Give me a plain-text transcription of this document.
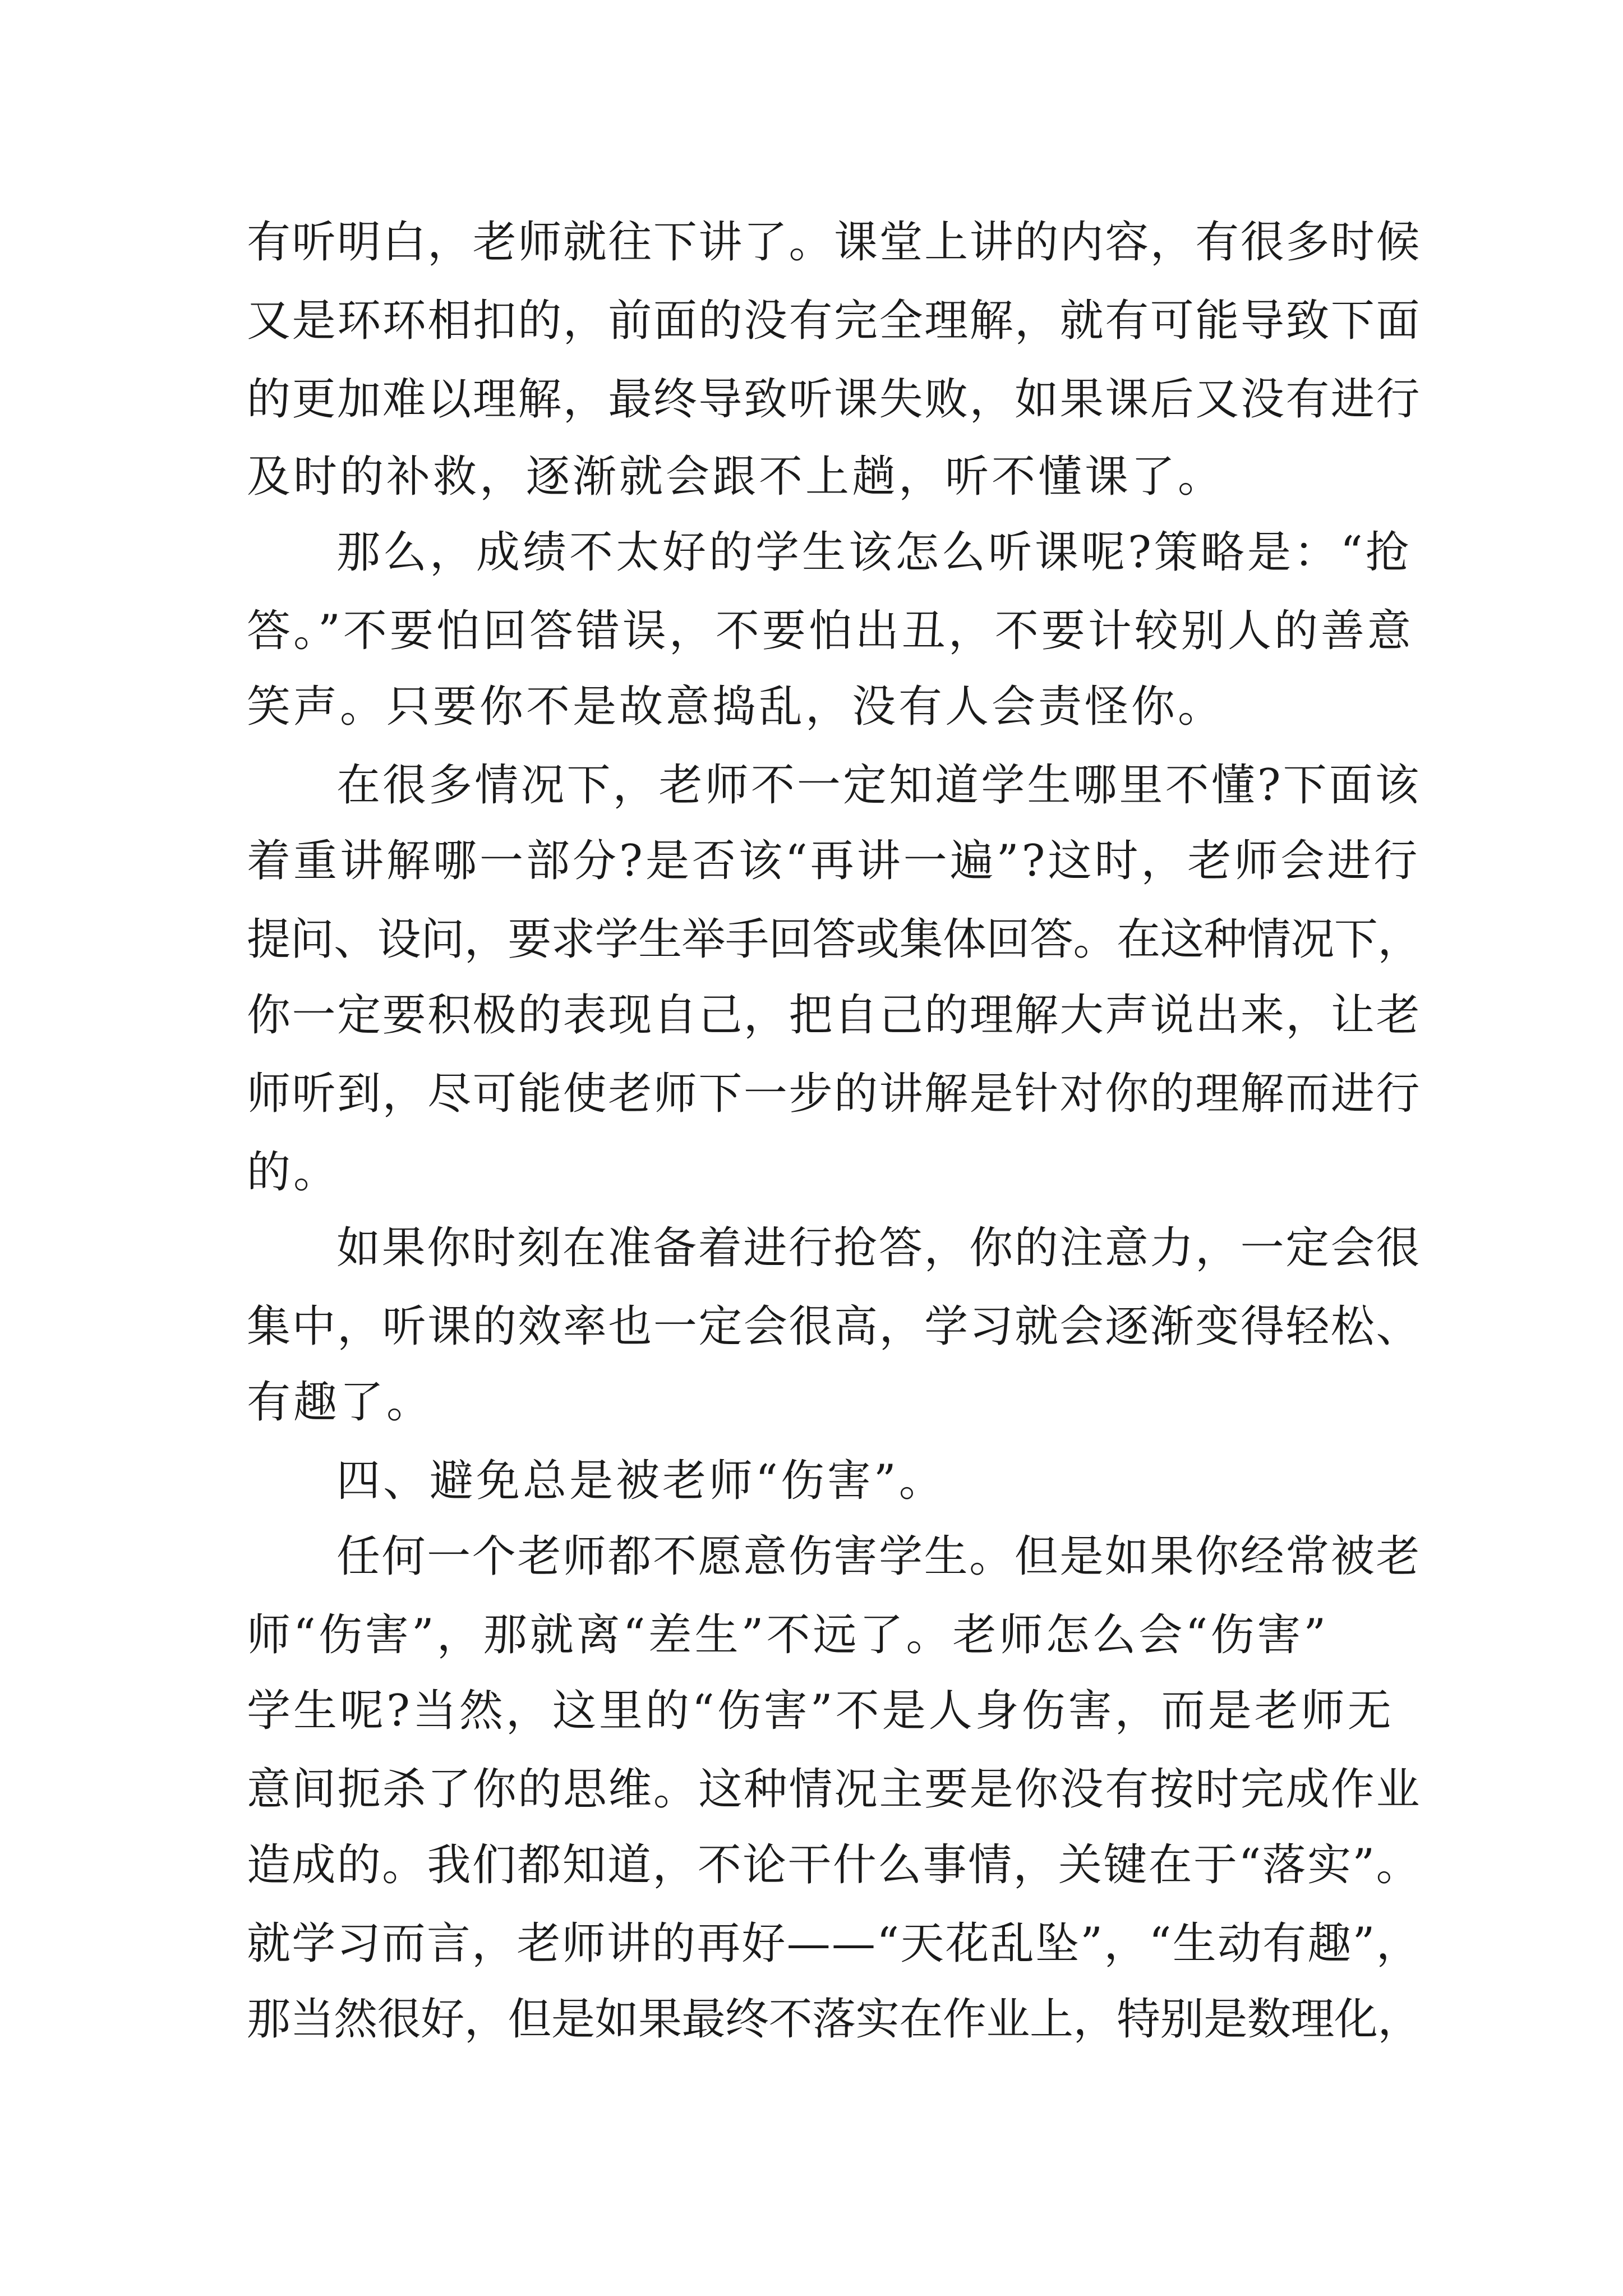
有听明白，老师就往下讲了。课堂上讲的内容，有很多时候
又是环环相扣的，前面的没有完全理解，就有可能导致下面
的更加难以理解，最终导致听课失败，如果课后又没有进行
及时的补救，逐渐就会跟不上趟，听不懂课了。
那么，成绩不太好的学生该怎么听课呢?策略是：“抢
答。”不要怕回答错误，不要怕出丑，不要计较别人的善意
笑声。只要你不是故意捣乱，没有人会责怪你。
在很多情况下，老师不一定知道学生哪里不懂?下面该
着重讲解哪一部分?是否该“再讲一遍”?这时，老师会进行
提问、设问，要求学生举手回答或集体回答。在这种情况下，
你一定要积极的表现自己，把自己的理解大声说出来，让老
师听到，尽可能使老师下一步的讲解是针对你的理解而进行
的。
如果你时刻在准备着进行抢答，你的注意力，一定会很
集中，听课的效率也一定会很高，学习就会逐渐变得轻松、
有趣了。
四、避免总是被老师“伤害”。
任何一个老师都不愿意伤害学生。但是如果你经常被老
师“伤害”，那就离“差生”不远了。老师怎么会“伤害”
学生呢?当然，这里的“伤害”不是人身伤害，而是老师无
意间扼杀了你的思维。这种情况主要是你没有按时完成作业
造成的。我们都知道，不论干什么事情，关键在于“落实”。
就学习而言，老师讲的再好——“天花乱坠”，“生动有趣”，
那当然很好，但是如果最终不落实在作业上，特别是数理化，
